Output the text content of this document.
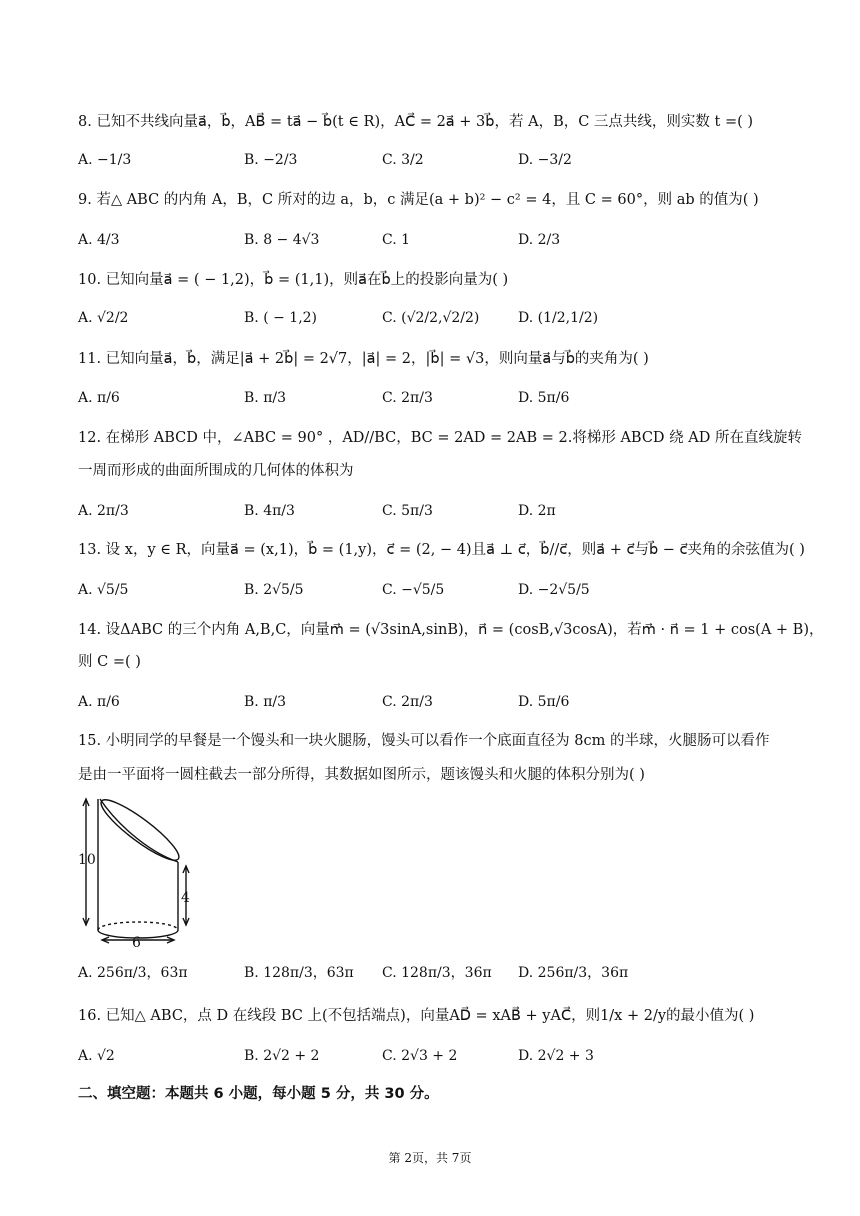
8. 已知不共线向量a⃗，b⃗，AB⃗ = ta⃗ − b⃗(t ∈ R)，AC⃗ = 2a⃗ + 3b⃗，若 A，B，C 三点共线，则实数 t =( )
A. −1/3	B. −2/3	C. 3/2	D. −3/2
9. 若△ ABC 的内角 A，B，C 所对的边 a，b，c 满足(a + b)² − c² = 4，且 C = 60°，则 ab 的值为( )
A. 4/3	B. 8 − 4√3	C. 1	D. 2/3
10. 已知向量a⃗ = ( − 1,2)，b⃗ = (1,1)，则a⃗在b⃗上的投影向量为( )
A. √2/2	B. ( − 1,2)	C. (√2/2,√2/2)	D. (1/2,1/2)
11. 已知向量a⃗，b⃗，满足|a⃗ + 2b⃗| = 2√7，|a⃗| = 2，|b⃗| = √3，则向量a⃗与b⃗的夹角为( )
A. π/6	B. π/3	C. 2π/3	D. 5π/6
12. 在梯形 ABCD 中，∠ABC = 90° ，AD//BC，BC = 2AD = 2AB = 2.将梯形 ABCD 绕 AD 所在直线旋转
一周而形成的曲面所围成的几何体的体积为
A. 2π/3	B. 4π/3	C. 5π/3	D. 2π
13. 设 x，y ∈ R，向量a⃗ = (x,1)，b⃗ = (1,y)，c⃗ = (2, − 4)且a⃗ ⊥ c⃗，b⃗//c⃗，则a⃗ + c⃗与b⃗ − c⃗夹角的余弦值为( )
A. √5/5	B. 2√5/5	C. −√5/5	D. −2√5/5
14. 设ΔABC 的三个内角 A,B,C，向量m⃗ = (√3sinA,sinB)，n⃗ = (cosB,√3cosA)，若m⃗ · n⃗ = 1 + cos(A + B)，
则 C =( )
A. π/6	B. π/3	C. 2π/3	D. 5π/6
15. 小明同学的早餐是一个馒头和一块火腿肠，馒头可以看作一个底面直径为 8cm 的半球，火腿肠可以看作
是由一平面将一圆柱截去一部分所得，其数据如图所示，题该馒头和火腿的体积分别为( )
10
4
6
A. 256π/3，63π	B. 128π/3，63π C. 128π/3，36π D. 256π/3，36π
16. 已知△ ABC，点 D 在线段 BC 上(不包括端点)，向量AD⃗ = xAB⃗ + yAC⃗，则1/x + 2/y的最小值为( )
A. √2	B. 2√2 + 2	C. 2√3 + 2	D. 2√2 + 3
二、填空题：本题共 6 小题，每小题 5 分，共 30 分。
第 2页，共 7页
